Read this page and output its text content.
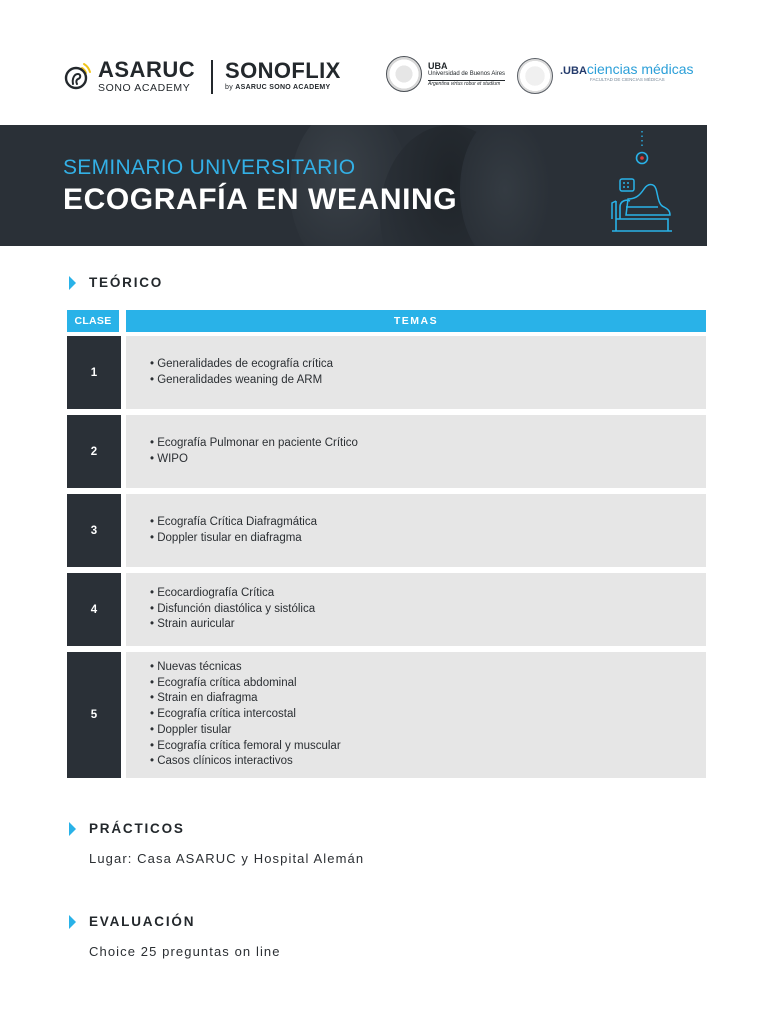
ASARUC
SONO ACADEMY
SONOFLIX
by ASARUC SONO ACADEMY
UBA
Universidad de Buenos Aires
Argentina virtus robur et studium
.UBAciencias médicas
FACULTAD DE CIENCIAS MÉDICAS
SEMINARIO UNIVERSITARIO
ECOGRAFÍA EN WEANING
TEÓRICO
CLASE	TEMAS
1
• Generalidades de ecografía crítica
• Generalidades weaning de ARM
2
• Ecografía Pulmonar en paciente Crítico
• WIPO
3
• Ecografía Crítica Diafragmática
• Doppler tisular en diafragma
4
• Ecocardiografía Crítica
• Disfunción diastólica y sistólica
• Strain auricular
5
• Nuevas técnicas
• Ecografía crítica abdominal
• Strain en diafragma
• Ecografía crítica intercostal
• Doppler tisular
• Ecografía crítica femoral y muscular
• Casos clínicos interactivos
PRÁCTICOS
Lugar: Casa ASARUC y Hospital Alemán
EVALUACIÓN
Choice 25 preguntas on line
